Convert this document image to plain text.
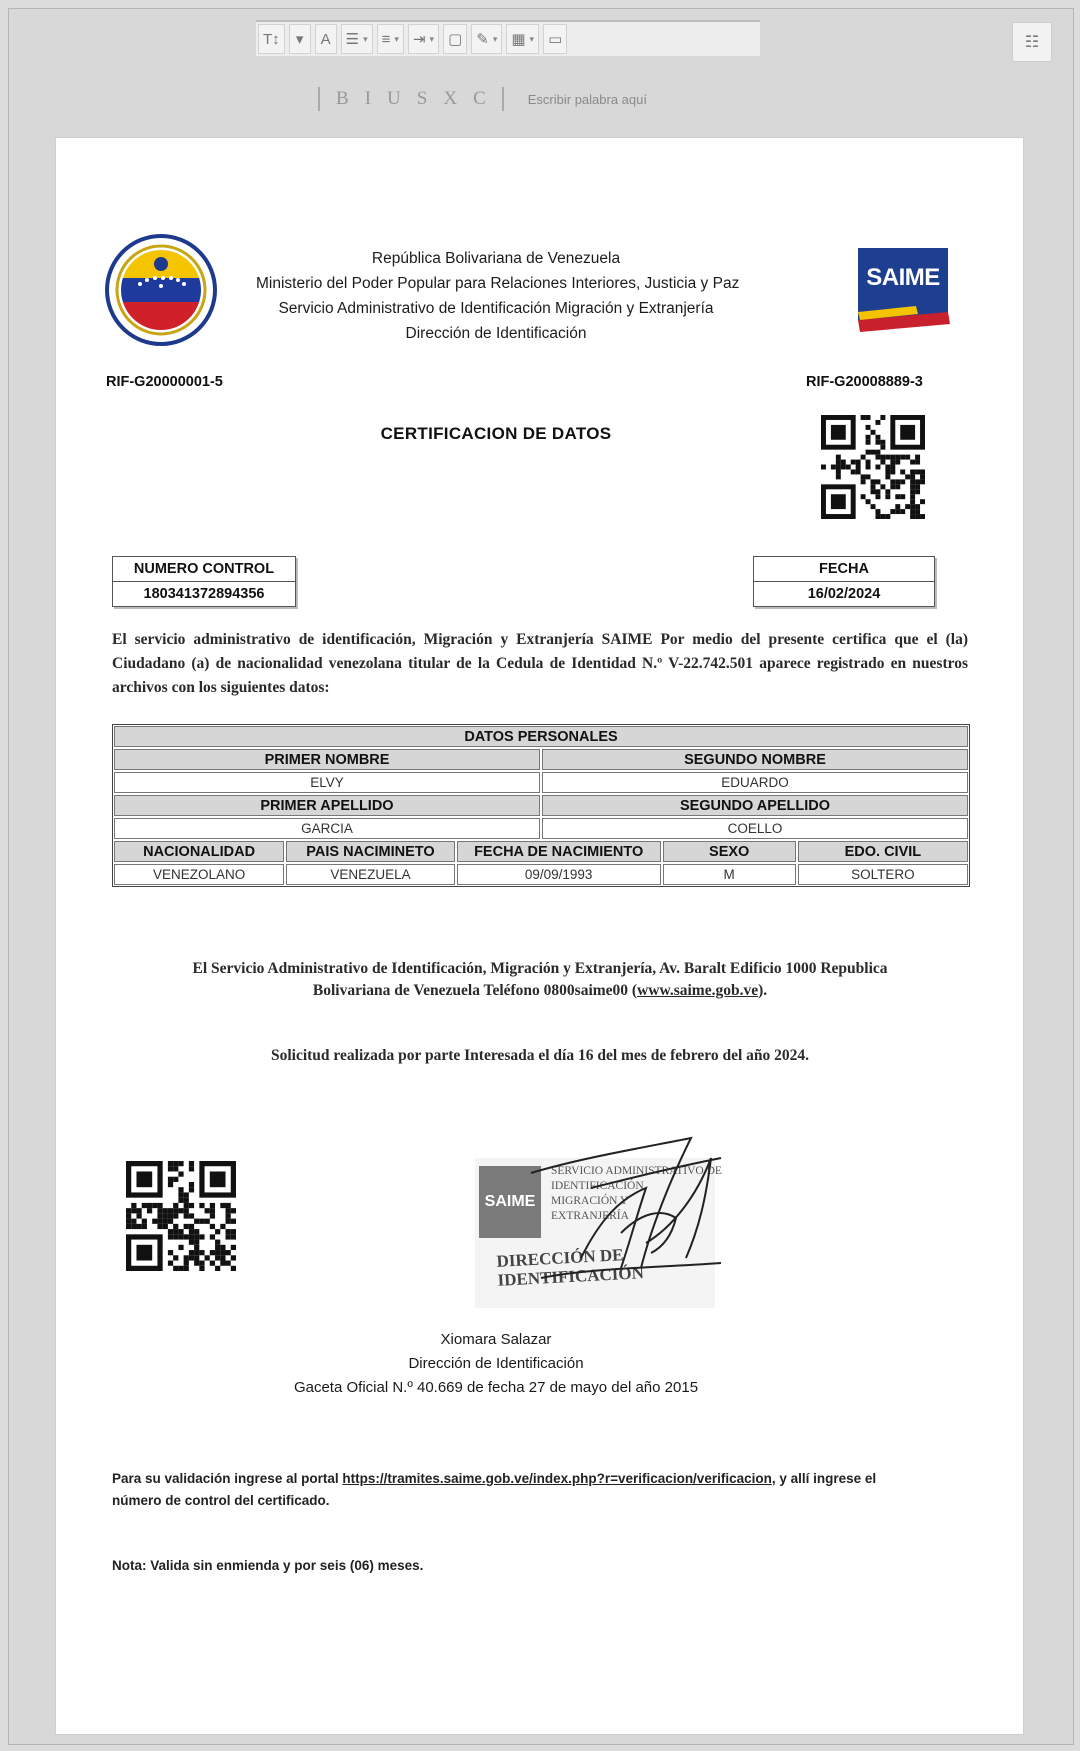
T↕ ▾ A ☰ ▾ ≡ ▾ ⇥ ▾ ▢ ✎ ▾ ▦ ▾ ▭	☷
B I U S X C	Escribir palabra aquí
República Bolivariana de Venezuela
Ministerio del Poder Popular para Relaciones Interiores, Justicia y Paz
Servicio Administrativo de Identificación Migración y Extranjería
Dirección de Identificación
SAIME
RIF-G20000001-5	RIF-G20008889-3
CERTIFICACION DE DATOS
NUMERO CONTROL
180341372894356
FECHA
16/02/2024
El servicio administrativo de identificación, Migración y Extranjería SAIME Por medio del presente certifica que el (la) Ciudadano (a) de nacionalidad venezolana titular de la Cedula de Identidad N.º V-22.742.501 aparece registrado en nuestros archivos con los siguientes datos:
DATOS PERSONALES
PRIMER NOMBRE	SEGUNDO NOMBRE
ELVY	EDUARDO
PRIMER APELLIDO	SEGUNDO APELLIDO
GARCIA	COELLO
NACIONALIDAD	PAIS NACIMINETO	FECHA DE NACIMIENTO	SEXO	EDO. CIVIL
VENEZOLANO	VENEZUELA	09/09/1993	M	SOLTERO
El Servicio Administrativo de Identificación, Migración y Extranjería, Av. Baralt Edificio 1000 Republica
Bolivariana de Venezuela Teléfono 0800saime00 (www.saime.gob.ve).
Solicitud realizada por parte Interesada el día 16 del mes de febrero del año 2024.
SAIME
SERVICIO ADMINISTRATIVO DE
IDENTIFICACIÓN
MIGRACIÓN Y
EXTRANJERÍA
DIRECCIÓN DE
IDENTIFICACIÓN
Xiomara Salazar
Dirección de Identificación
Gaceta Oficial N.º 40.669 de fecha 27 de mayo del año 2015
Para su validación ingrese al portal https://tramites.saime.gob.ve/index.php?r=verificacion/verificacion, y allí ingrese el
número de control del certificado.
Nota: Valida sin enmienda y por seis (06) meses.
